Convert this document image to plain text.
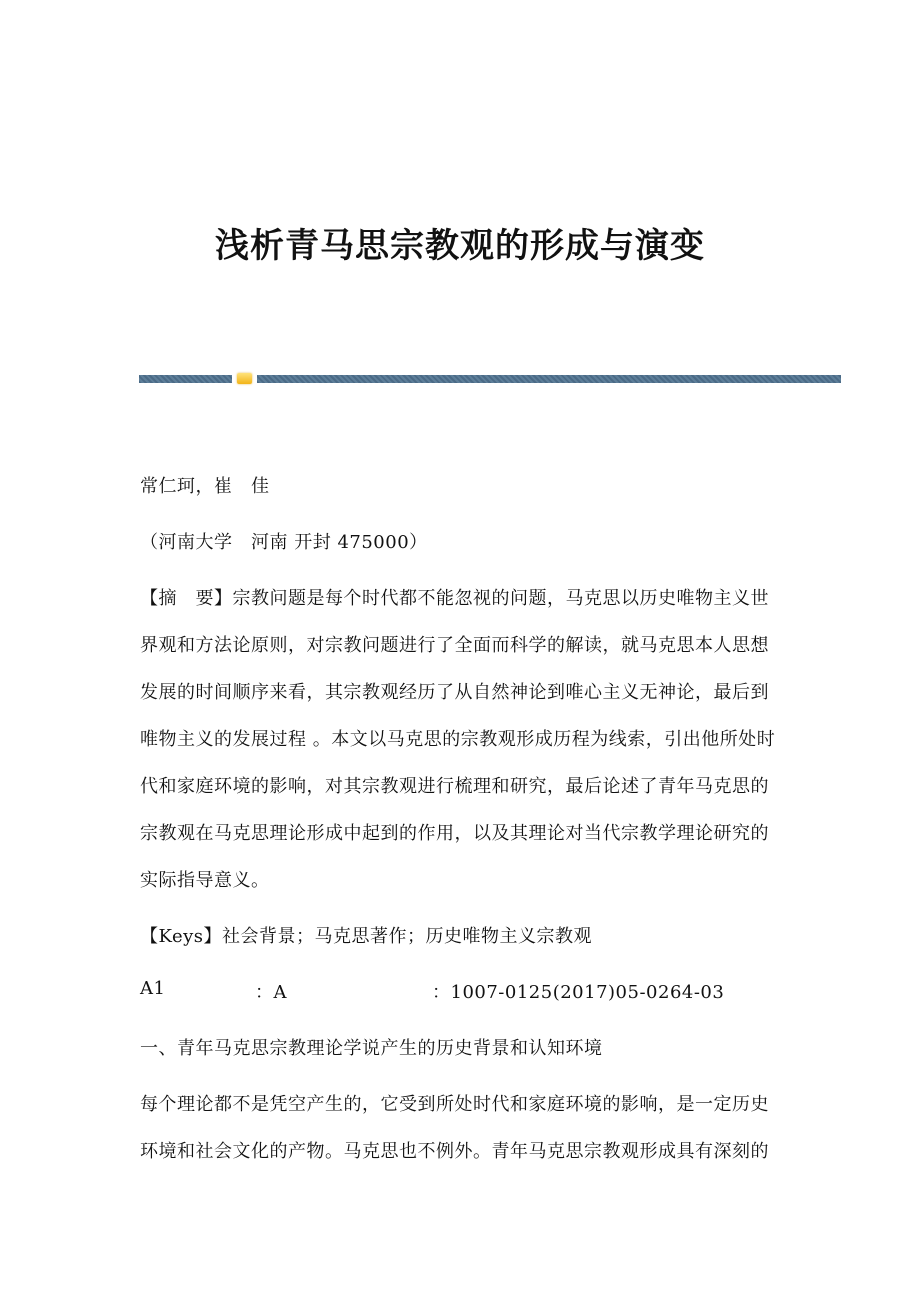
浅析青马思宗教观的形成与演变
常仁珂，崔　佳
（河南大学　河南 开封 475000）
【摘　要】宗教问题是每个时代都不能忽视的问题，马克思以历史唯物主义世
界观和方法论原则，对宗教问题进行了全面而科学的解读，就马克思本人思想
发展的时间顺序来看，其宗教观经历了从自然神论到唯心主义无神论，最后到
唯物主义的发展过程 。本文以马克思的宗教观形成历程为线索，引出他所处时
代和家庭环境的影响，对其宗教观进行梳理和研究，最后论述了青年马克思的
宗教观在马克思理论形成中起到的作用，以及其理论对当代宗教学理论研究的
实际指导意义。
【Keys】社会背景；马克思著作；历史唯物主义宗教观
A1	：A	：1007-0125(2017)05-0264-03
一、青年马克思宗教理论学说产生的历史背景和认知环境
每个理论都不是凭空产生的，它受到所处时代和家庭环境的影响，是一定历史
环境和社会文化的产物。马克思也不例外。青年马克思宗教观形成具有深刻的
